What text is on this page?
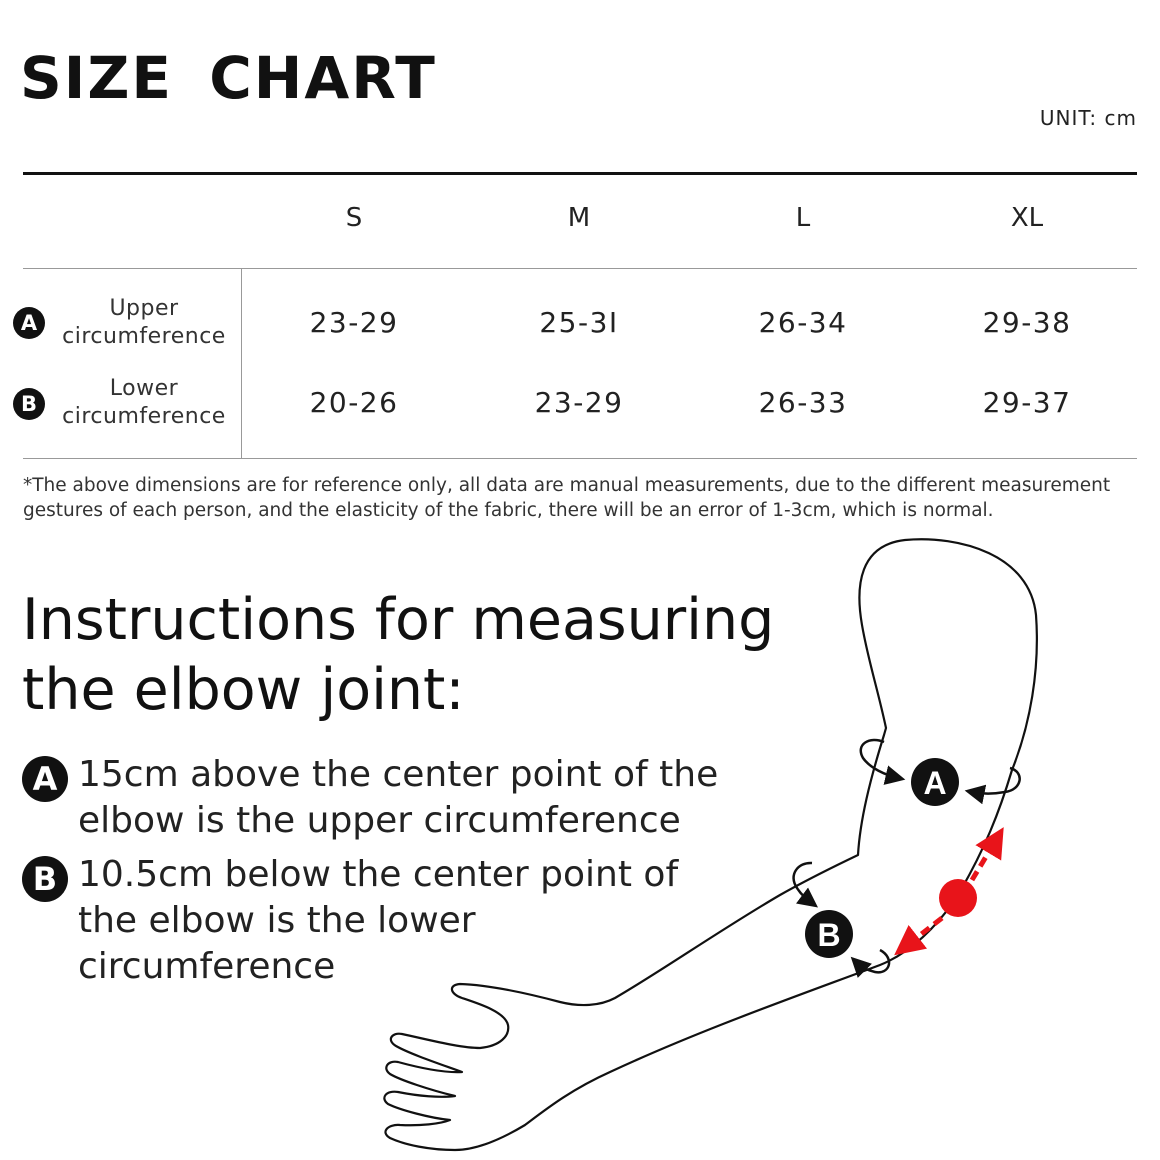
SIZE CHART
UNIT: cm
S	M	L	XL
A
Upper
circumference	23-29	25-3I	26-34	29-38
B
Lower
circumference	20-26	23-29	26-33	29-37
*The above dimensions are for reference only, all data are manual measurements, due to the different measurement
gestures of each person, and the elasticity of the fabric, there will be an error of 1-3cm, which is normal.
Instructions for measuring
the elbow joint:
A 15cm above the center point of the
elbow is the upper circumference
B 10.5cm below the center point of
the elbow is the lower
circumference
A
B
